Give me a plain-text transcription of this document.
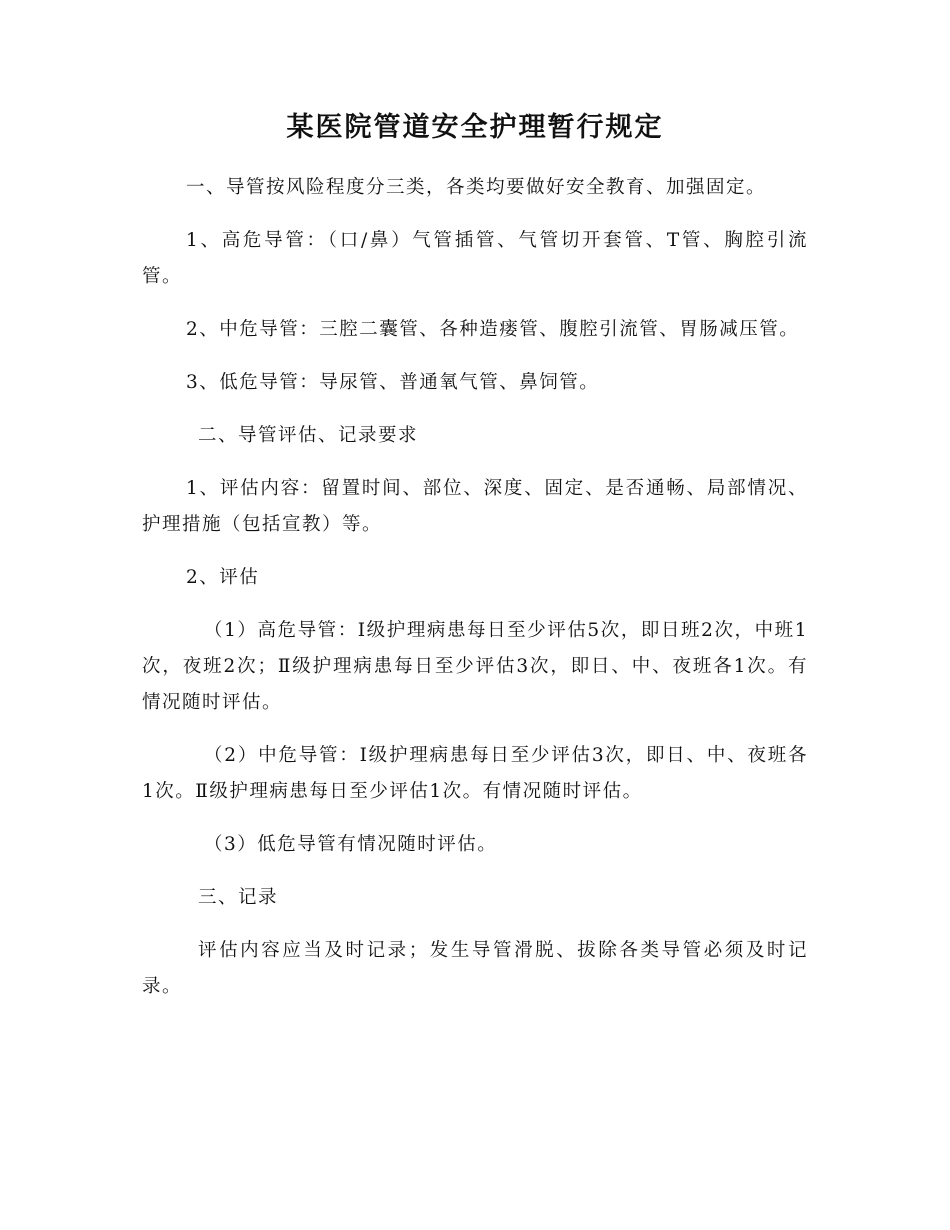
某医院管道安全护理暂行规定

一、导管按风险程度分三类，各类均要做好安全教育、加强固定。

1、高危导管：（口/鼻）气管插管、气管切开套管、T管、胸腔引流管。

2、中危导管：三腔二囊管、各种造瘘管、腹腔引流管、胃肠减压管。

3、低危导管：导尿管、普通氧气管、鼻饲管。

二、导管评估、记录要求

1、评估内容：留置时间、部位、深度、固定、是否通畅、局部情况、护理措施（包括宣教）等。

2、评估

（1）高危导管：Ⅰ级护理病患每日至少评估5次，即日班2次，中班1次，夜班2次；Ⅱ级护理病患每日至少评估3次，即日、中、夜班各1次。有情况随时评估。

（2）中危导管：Ⅰ级护理病患每日至少评估3次，即日、中、夜班各1次。Ⅱ级护理病患每日至少评估1次。有情况随时评估。

（3）低危导管有情况随时评估。

三、记录

评估内容应当及时记录；发生导管滑脱、拔除各类导管必须及时记录。
